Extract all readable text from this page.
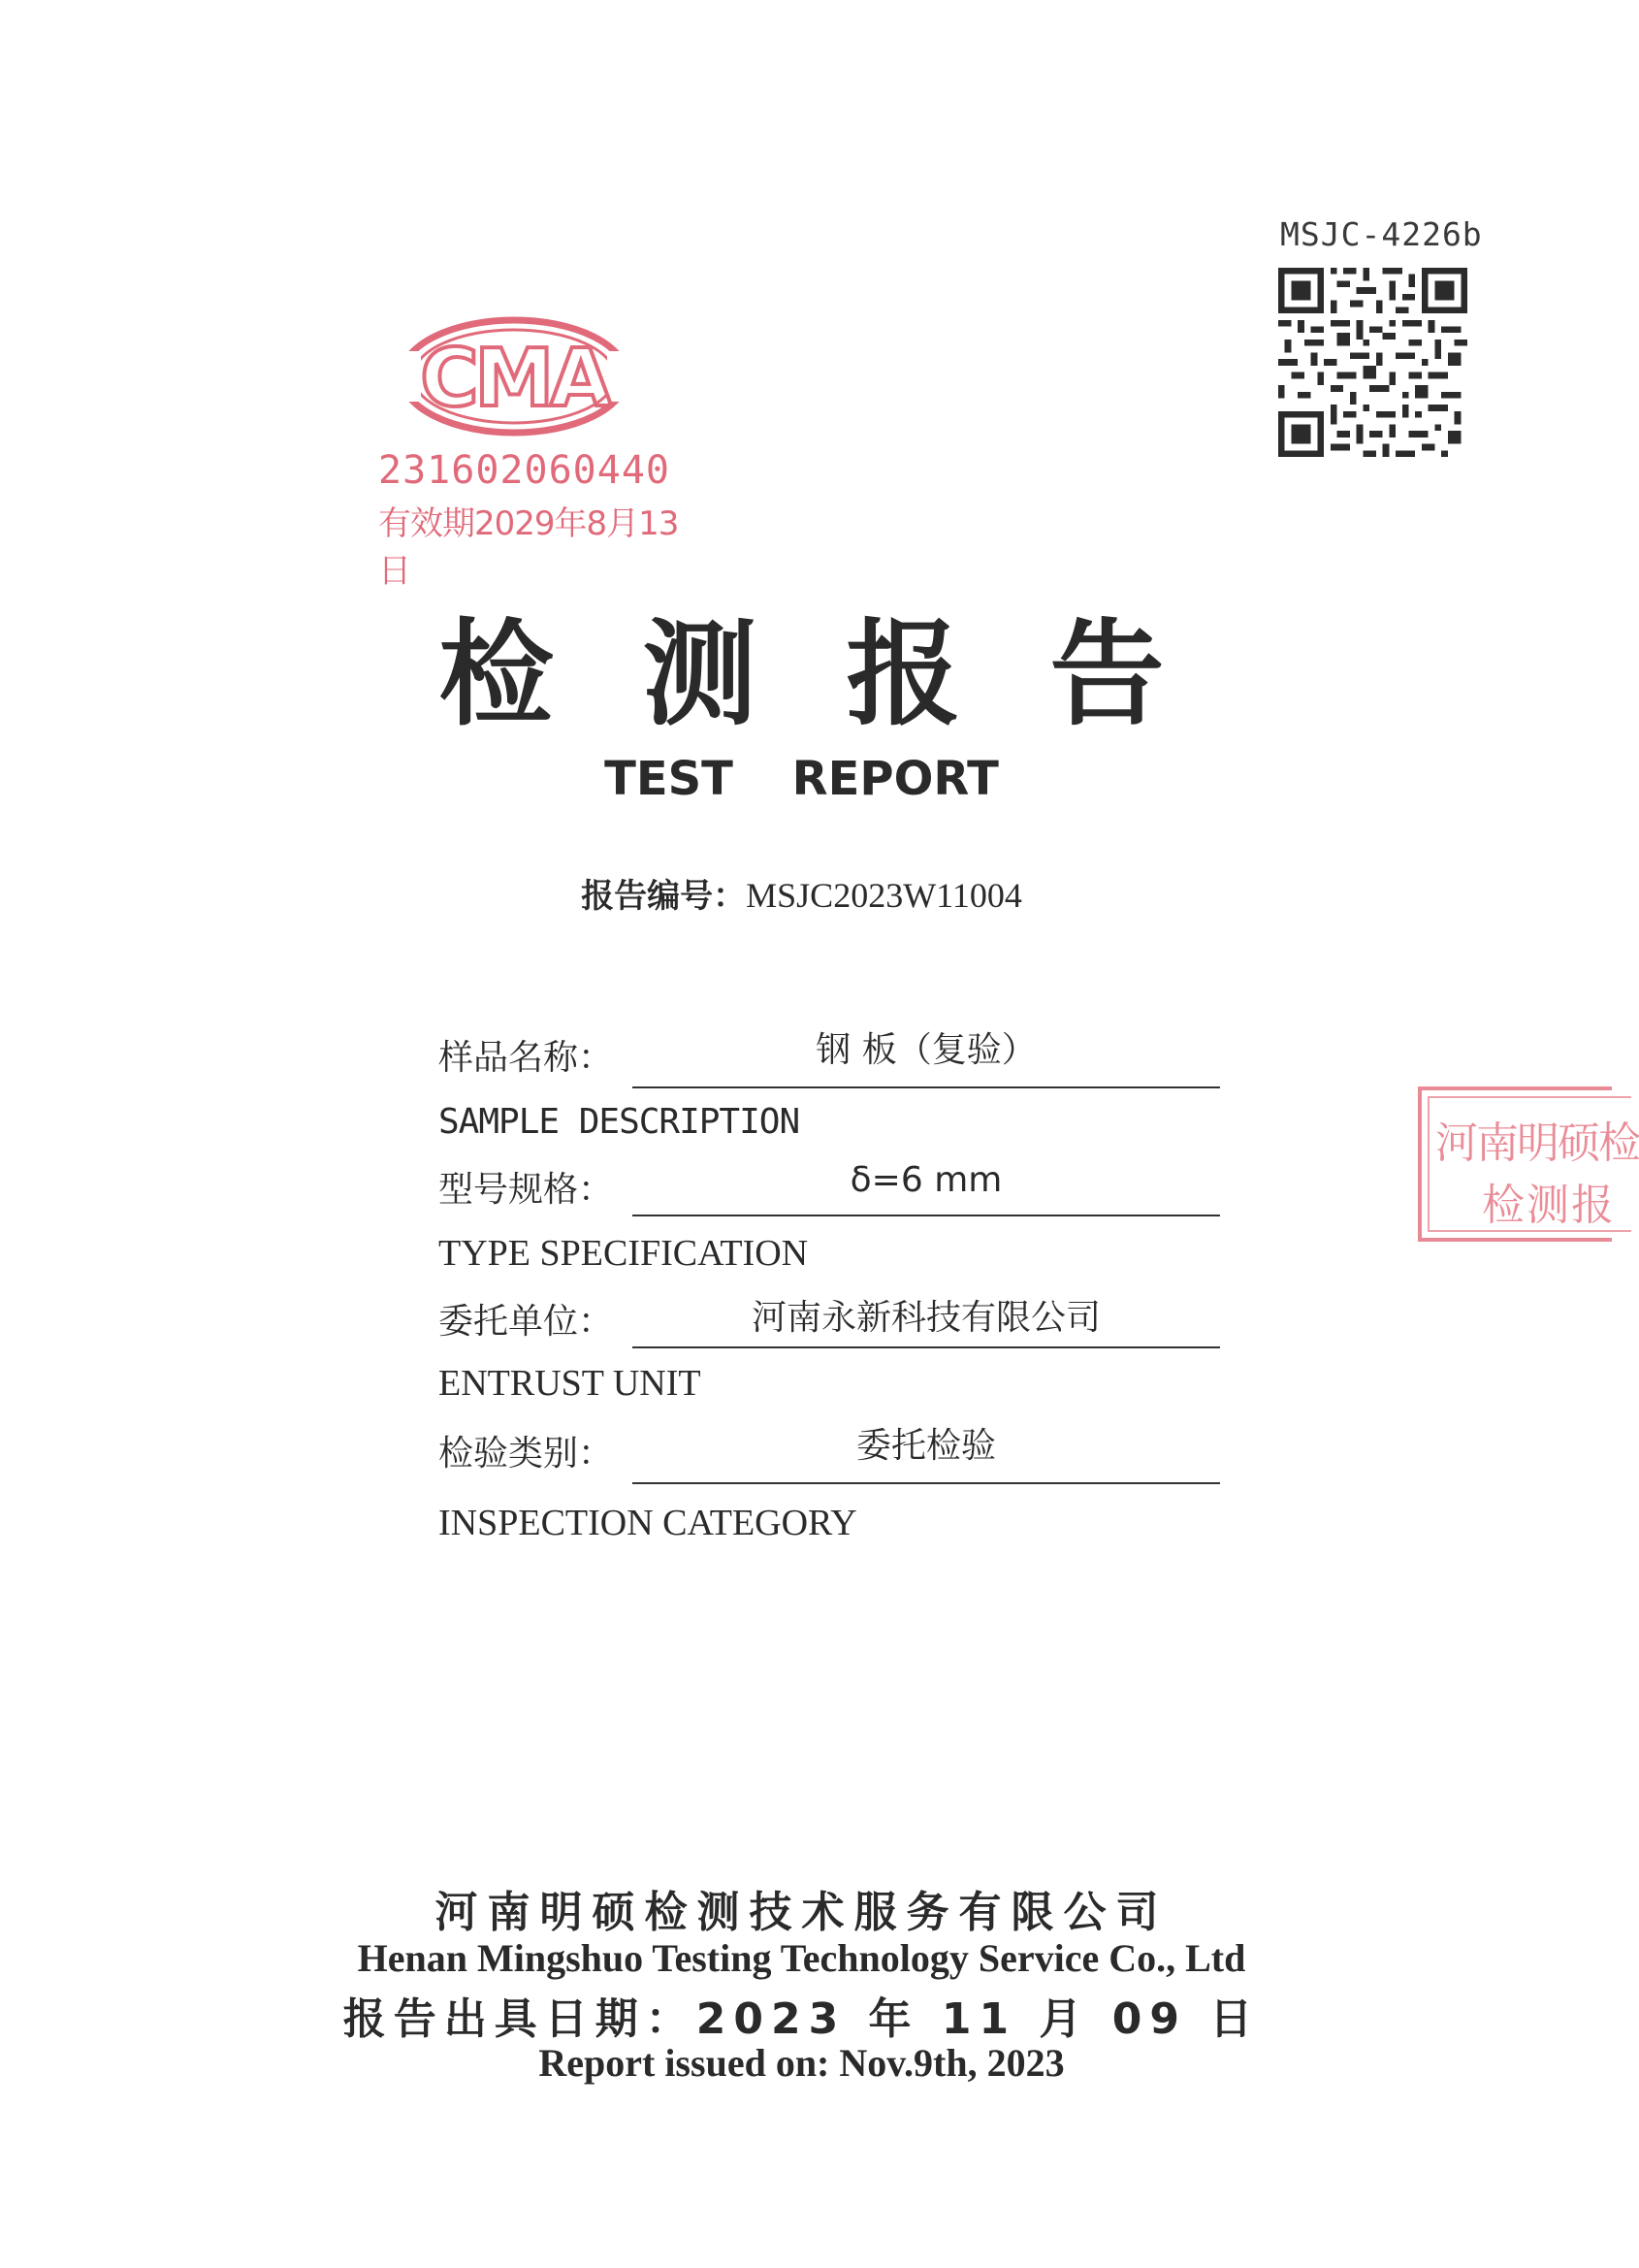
MSJC-4226b
CMA
231602060440
有效期2029年8月13日
检测报告
TEST REPORT
报告编号：MSJC2023W11004
样品名称：	钢 板（复验）
SAMPLE DESCRIPTION
型号规格：	δ=6 mm
TYPE SPECIFICATION
委托单位：	河南永新科技有限公司
ENTRUST UNIT
检验类别：	委托检验
INSPECTION CATEGORY
河南明硕检
检测报
河南明硕检测技术服务有限公司
Henan Mingshuo Testing Technology Service Co., Ltd
报告出具日期：2023 年 11 月 09 日
Report issued on: Nov.9th, 2023
